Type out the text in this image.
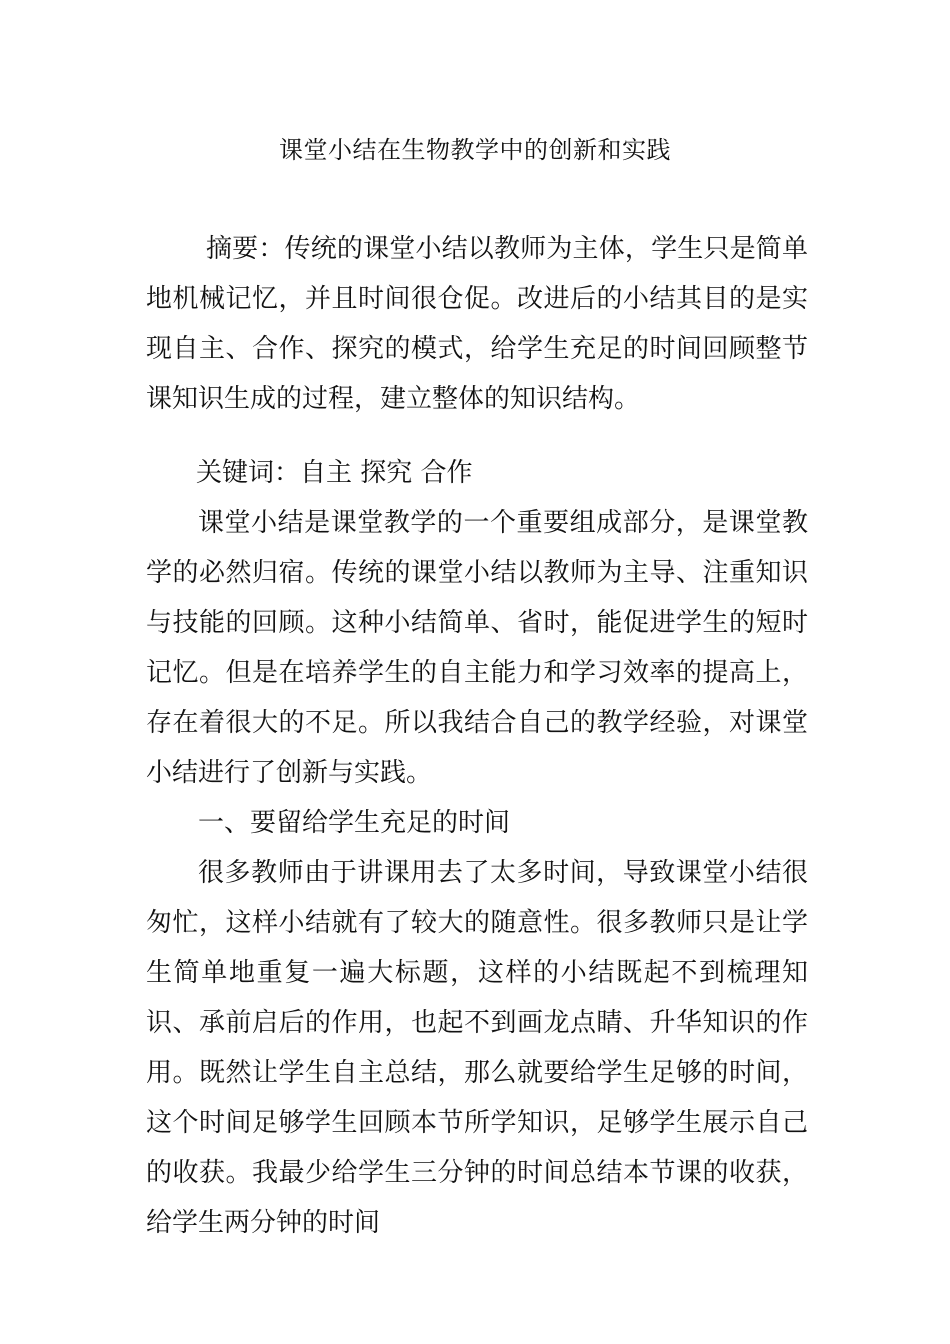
课堂小结在生物教学中的创新和实践
摘要：传统的课堂小结以教师为主体，学生只是简单地机械记忆，并且时间很仓促。改进后的小结其目的是实现自主、合作、探究的模式，给学生充足的时间回顾整节课知识生成的过程，建立整体的知识结构。
关键词：自主 探究 合作

课堂小结是课堂教学的一个重要组成部分，是课堂教学的必然归宿。传统的课堂小结以教师为主导、注重知识与技能的回顾。这种小结简单、省时，能促进学生的短时记忆。但是在培养学生的自主能力和学习效率的提高上，存在着很大的不足。所以我结合自己的教学经验，对课堂小结进行了创新与实践。

一、要留给学生充足的时间

很多教师由于讲课用去了太多时间，导致课堂小结很匆忙，这样小结就有了较大的随意性。很多教师只是让学生简单地重复一遍大标题，这样的小结既起不到梳理知识、承前启后的作用，也起不到画龙点睛、升华知识的作用。既然让学生自主总结，那么就要给学生足够的时间，这个时间足够学生回顾本节所学知识，足够学生展示自己的收获。我最少给学生三分钟的时间总结本节课的收获，给学生两分钟的时间
